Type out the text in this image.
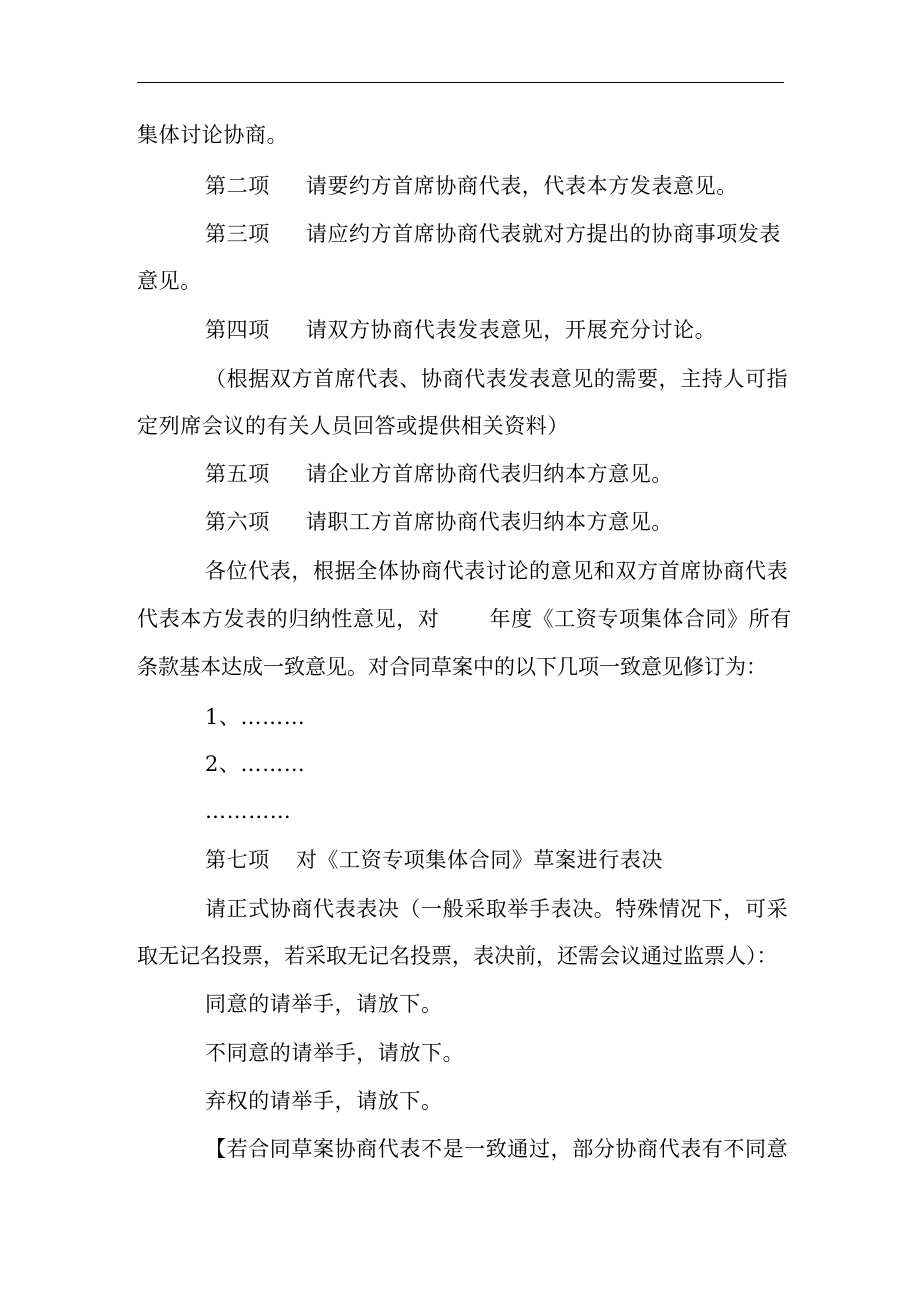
集体讨论协商。
第二项 请要约方首席协商代表，代表本方发表意见。
第三项 请应约方首席协商代表就对方提出的协商事项发表
意见。
第四项 请双方协商代表发表意见，开展充分讨论。
（根据双方首席代表、协商代表发表意见的需要，主持人可指
定列席会议的有关人员回答或提供相关资料）
第五项 请企业方首席协商代表归纳本方意见。
第六项 请职工方首席协商代表归纳本方意见。
各位代表，根据全体协商代表讨论的意见和双方首席协商代表
代表本方发表的归纳性意见，对 年度《工资专项集体合同》所有
条款基本达成一致意见。对合同草案中的以下几项一致意见修订为：
1、………
2、………
…………
第七项 对《工资专项集体合同》草案进行表决
请正式协商代表表决（一般采取举手表决。特殊情况下，可采
取无记名投票，若采取无记名投票，表决前，还需会议通过监票人）：
同意的请举手，请放下。
不同意的请举手，请放下。
弃权的请举手，请放下。
【若合同草案协商代表不是一致通过，部分协商代表有不同意
